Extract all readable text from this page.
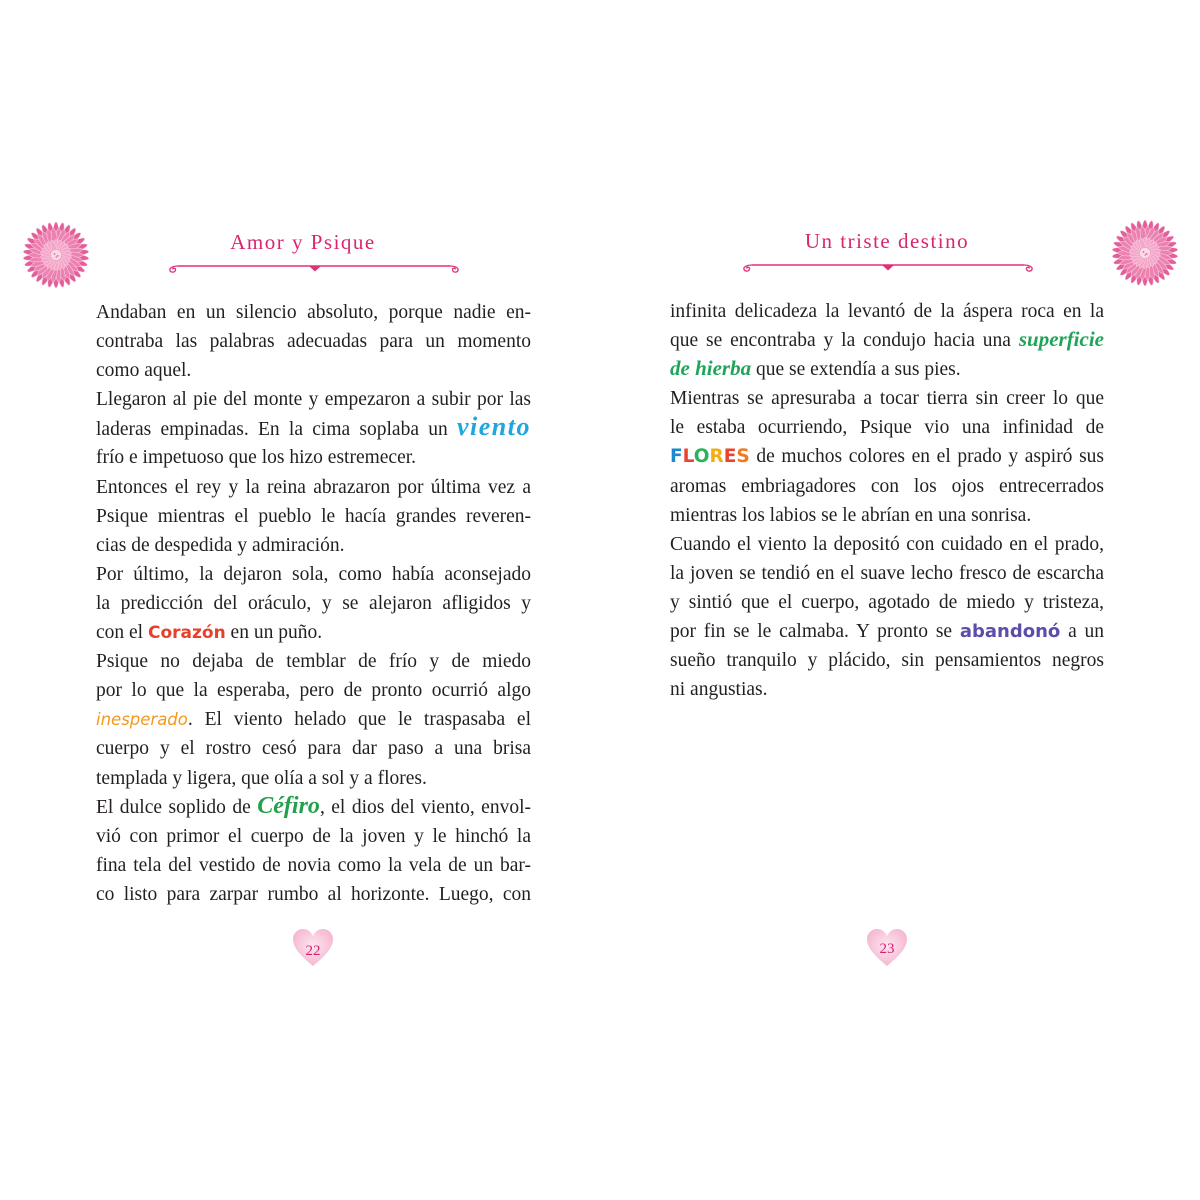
Amor y Psique
Andaban en un silencio absoluto, porque nadie en-
contraba las palabras adecuadas para un momento
como aquel.
Llegaron al pie del monte y empezaron a subir por las
laderas empinadas. En la cima soplaba un viento
frío e impetuoso que los hizo estremecer.
Entonces el rey y la reina abrazaron por última vez a
Psique mientras el pueblo le hacía grandes reveren-
cias de despedida y admiración.
Por último, la dejaron sola, como había aconsejado
la predicción del oráculo, y se alejaron afligidos y
con el Corazón en un puño.
Psique no dejaba de temblar de frío y de miedo
por lo que la esperaba, pero de pronto ocurrió algo
inesperado. El viento helado que le traspasaba el
cuerpo y el rostro cesó para dar paso a una brisa
templada y ligera, que olía a sol y a flores.
El dulce soplido de Céfiro, el dios del viento, envol-
vió con primor el cuerpo de la joven y le hinchó la
fina tela del vestido de novia como la vela de un bar-
co listo para zarpar rumbo al horizonte. Luego, con
22
Un triste destino
infinita delicadeza la levantó de la áspera roca en la
que se encontraba y la condujo hacia una superficie
de hierba que se extendía a sus pies.
Mientras se apresuraba a tocar tierra sin creer lo que
le estaba ocurriendo, Psique vio una infinidad de
FLORES de muchos colores en el prado y aspiró sus
aromas embriagadores con los ojos entrecerrados
mientras los labios se le abrían en una sonrisa.
Cuando el viento la depositó con cuidado en el prado,
la joven se tendió en el suave lecho fresco de escarcha
y sintió que el cuerpo, agotado de miedo y tristeza,
por fin se le calmaba. Y pronto se abandonó a un
sueño tranquilo y plácido, sin pensamientos negros
ni angustias.
23
